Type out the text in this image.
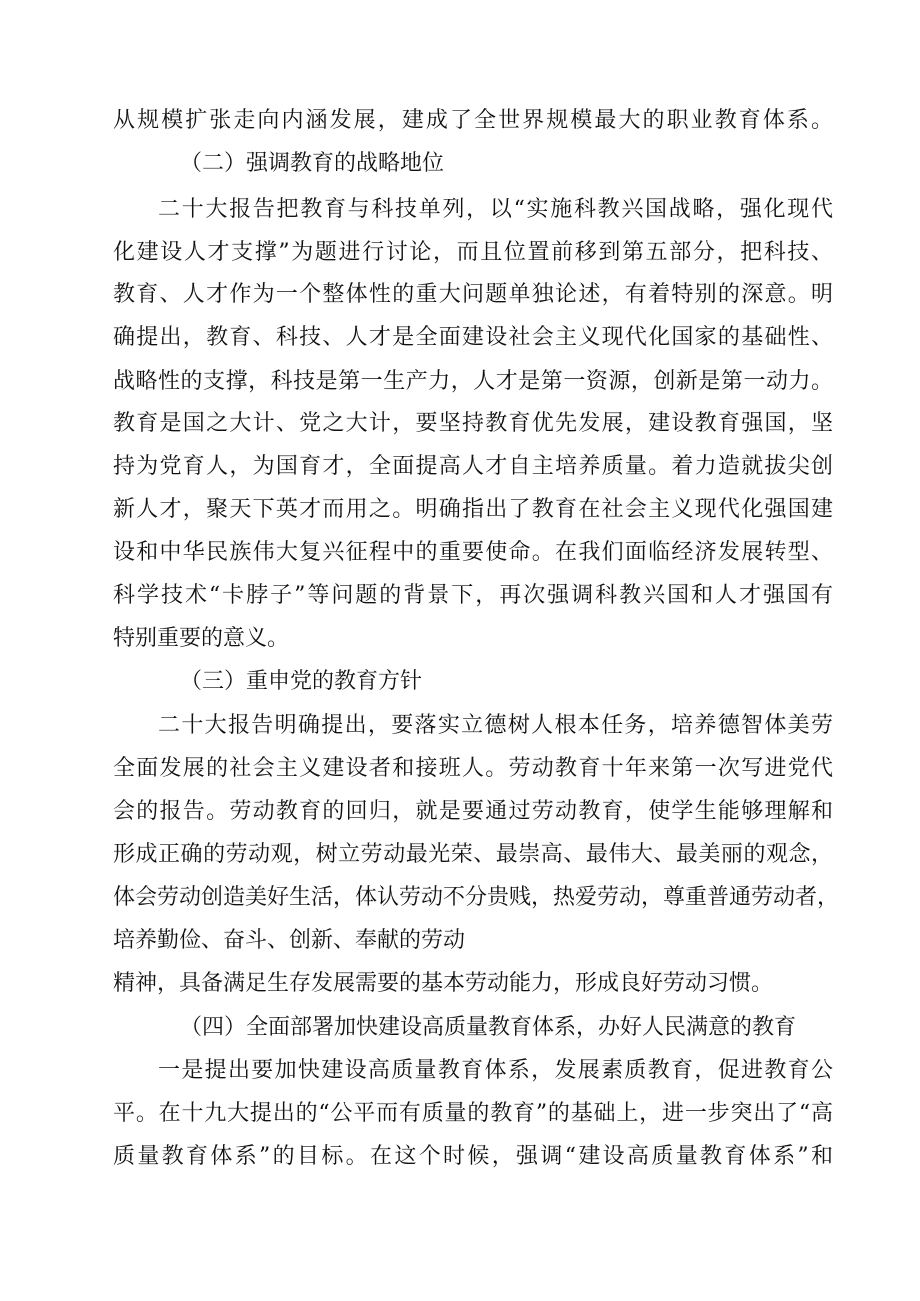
从规模扩张走向内涵发展，建成了全世界规模最大的职业教育体系。

（二）强调教育的战略地位

二十大报告把教育与科技单列，以“实施科教兴国战略，强化现代

化建设人才支撑”为题进行讨论，而且位置前移到第五部分，把科技、

教育、人才作为一个整体性的重大问题单独论述，有着特别的深意。明

确提出，教育、科技、人才是全面建设社会主义现代化国家的基础性、

战略性的支撑，科技是第一生产力，人才是第一资源，创新是第一动力。

教育是国之大计、党之大计，要坚持教育优先发展，建设教育强国，坚

持为党育人，为国育才，全面提高人才自主培养质量。着力造就拔尖创

新人才，聚天下英才而用之。明确指出了教育在社会主义现代化强国建

设和中华民族伟大复兴征程中的重要使命。在我们面临经济发展转型、

科学技术“卡脖子”等问题的背景下，再次强调科教兴国和人才强国有

特别重要的意义。

（三）重申党的教育方针

二十大报告明确提出，要落实立德树人根本任务，培养德智体美劳

全面发展的社会主义建设者和接班人。劳动教育十年来第一次写进党代

会的报告。劳动教育的回归，就是要通过劳动教育，使学生能够理解和

形成正确的劳动观，树立劳动最光荣、最崇高、最伟大、最美丽的观念，

体会劳动创造美好生活，体认劳动不分贵贱，热爱劳动，尊重普通劳动者，

培养勤俭、奋斗、创新、奉献的劳动

精神，具备满足生存发展需要的基本劳动能力，形成良好劳动习惯。

（四）全面部署加快建设高质量教育体系，办好人民满意的教育

一是提出要加快建设高质量教育体系，发展素质教育，促进教育公

平。在十九大提出的“公平而有质量的教育”的基础上，进一步突出了“高

质量教育体系”的目标。在这个时候，强调“建设高质量教育体系”和
